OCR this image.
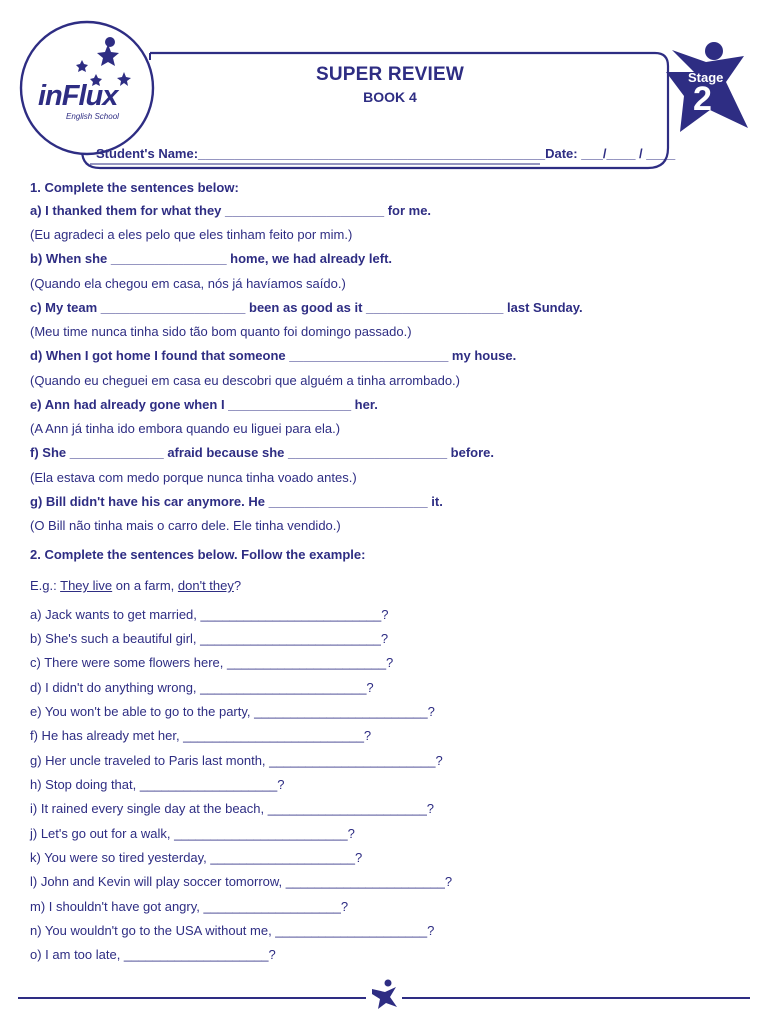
inFlux
English School
SUPER REVIEW
BOOK 4
Stage
2
Student's Name:________________________________________________Date: ___/____ / ____
1. Complete the sentences below:
a) I thanked them for what they ______________________ for me.
(Eu agradeci a eles pelo que eles tinham feito por mim.)
b) When she ________________ home, we had already left.
(Quando ela chegou em casa, nós já havíamos saído.)
c) My team ____________________ been as good as it ___________________ last Sunday.
(Meu time nunca tinha sido tão bom quanto foi domingo passado.)
d) When I got home I found that someone ______________________ my house.
(Quando eu cheguei em casa eu descobri que alguém a tinha arrombado.)
e) Ann had already gone when I _________________ her.
(A Ann já tinha ido embora quando eu liguei para ela.)
f) She _____________ afraid because she ______________________ before.
(Ela estava com medo porque nunca tinha voado antes.)
g) Bill didn't have his car anymore. He ______________________ it.
(O Bill não tinha mais o carro dele. Ele tinha vendido.)
2. Complete the sentences below. Follow the example:
E.g.: They live on a farm, don't they?
a) Jack wants to get married, _________________________?
b) She's such a beautiful girl, _________________________?
c) There were some flowers here, ______________________?
d) I didn't do anything wrong, _______________________?
e) You won't be able to go to the party, ________________________?
f) He has already met her, _________________________?
g) Her uncle traveled to Paris last month, _______________________?
h) Stop doing that, ___________________?
i) It rained every single day at the beach, ______________________?
j) Let's go out for a walk, ________________________?
k) You were so tired yesterday, ____________________?
l) John and Kevin will play soccer tomorrow, ______________________?
m) I shouldn't have got angry, ___________________?
n) You wouldn't go to the USA without me, _____________________?
o) I am too late, ____________________?
